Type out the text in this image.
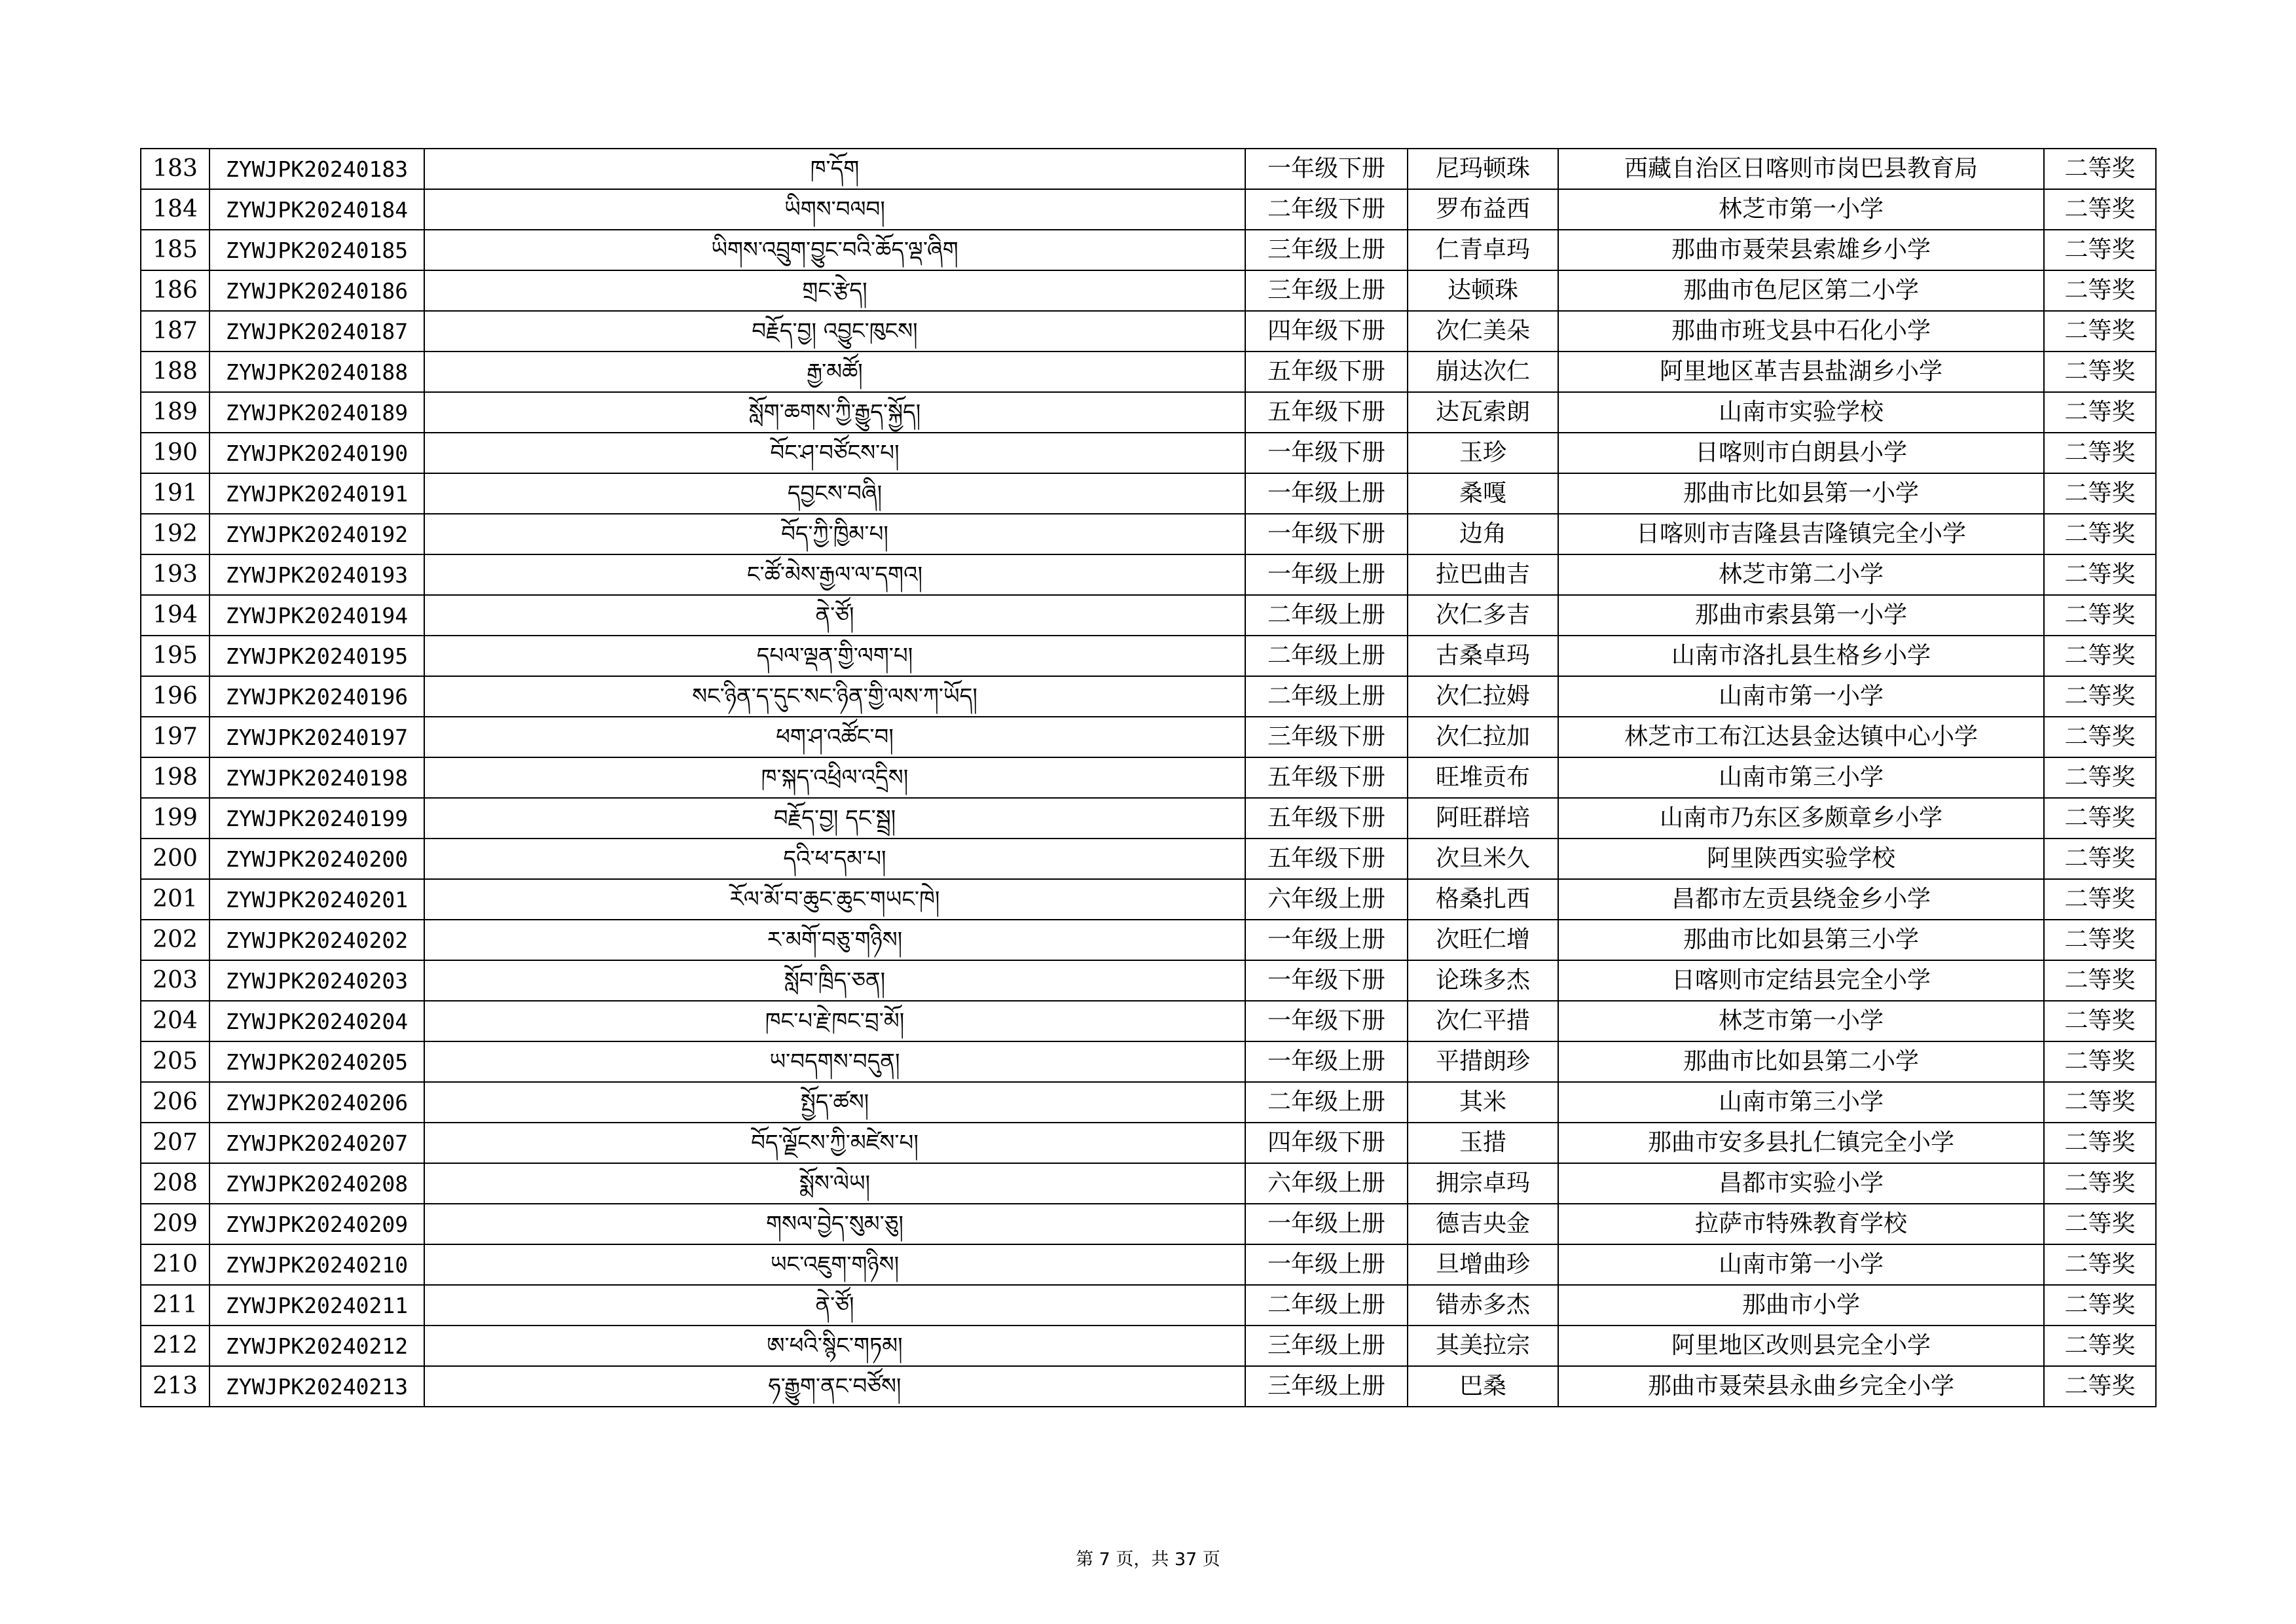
183	ZYWJPK20240183	ཁ་དོག	一年级下册	尼玛顿珠	西藏自治区日喀则市岗巴县教育局	二等奖
184	ZYWJPK20240184	ཡིགས་བལབ།	二年级下册	罗布益西	林芝市第一小学	二等奖
185	ZYWJPK20240185	ཡིགས་འབྲུག་བྱུང་བའི་ཆོད་ལྡ་ཞིག	三年级上册	仁青卓玛	那曲市聂荣县索雄乡小学	二等奖
186	ZYWJPK20240186	གྲང་རྩེད།	三年级上册	达顿珠	那曲市色尼区第二小学	二等奖
187	ZYWJPK20240187	བརྗོད་བྱ། འབྱུང་ཁུངས།	四年级下册	次仁美朵	那曲市班戈县中石化小学	二等奖
188	ZYWJPK20240188	རྒྱ་མཚོ།	五年级下册	崩达次仁	阿里地区革吉县盐湖乡小学	二等奖
189	ZYWJPK20240189	སློག་ཆགས་ཀྱི་རྒྱུད་སྐྱོད།	五年级下册	达瓦索朗	山南市实验学校	二等奖
190	ZYWJPK20240190	བོང་ཤ་བཙོངས་པ།	一年级下册	玉珍	日喀则市白朗县小学	二等奖
191	ZYWJPK20240191	དབྱངས་བཞི།	一年级上册	桑嘎	那曲市比如县第一小学	二等奖
192	ZYWJPK20240192	བོད་ཀྱི་ཁྱིམ་པ།	一年级下册	边角	日喀则市吉隆县吉隆镇完全小学	二等奖
193	ZYWJPK20240193	ང་ཚོ་མེས་རྒྱལ་ལ་དགའ།	一年级上册	拉巴曲吉	林芝市第二小学	二等奖
194	ZYWJPK20240194	ནེ་ཙོ།	二年级上册	次仁多吉	那曲市索县第一小学	二等奖
195	ZYWJPK20240195	དཔལ་ལྡན་གྱི་ལག་པ།	二年级上册	古桑卓玛	山南市洛扎县生格乡小学	二等奖
196	ZYWJPK20240196	སང་ཉིན་ད་དུང་སང་ཉིན་གྱི་ལས་ཀ་ཡོད།	二年级上册	次仁拉姆	山南市第一小学	二等奖
197	ZYWJPK20240197	ཕག་ཤ་འཚོང་བ།	三年级下册	次仁拉加	林芝市工布江达县金达镇中心小学	二等奖
198	ZYWJPK20240198	ཁ་སྐད་འཕྲིལ་འདྲིས།	五年级下册	旺堆贡布	山南市第三小学	二等奖
199	ZYWJPK20240199	བརྗོད་བྱ། དང་སྦྲ།	五年级下册	阿旺群培	山南市乃东区多颇章乡小学	二等奖
200	ZYWJPK20240200	དའི་ཕ་དམ་པ།	五年级下册	次旦米久	阿里陕西实验学校	二等奖
201	ZYWJPK20240201	རོལ་མོ་བ་ཆུང་ཆུང་གཡང་ཁེ།	六年级上册	格桑扎西	昌都市左贡县绕金乡小学	二等奖
202	ZYWJPK20240202	ར་མགོ་བཅུ་གཉིས།	一年级上册	次旺仁增	那曲市比如县第三小学	二等奖
203	ZYWJPK20240203	སློབ་ཁྲིད་ཅན།	一年级下册	论珠多杰	日喀则市定结县完全小学	二等奖
204	ZYWJPK20240204	ཁང་པ་རྗེ་ཁང་བྲ་མོ།	一年级下册	次仁平措	林芝市第一小学	二等奖
205	ZYWJPK20240205	ཡ་བདགས་བདུན།	一年级上册	平措朗珍	那曲市比如县第二小学	二等奖
206	ZYWJPK20240206	སྤྱོད་ཚས།	二年级上册	其米	山南市第三小学	二等奖
207	ZYWJPK20240207	བོད་ལྗོངས་ཀྱི་མཛེས་པ།	四年级下册	玉措	那曲市安多县扎仁镇完全小学	二等奖
208	ZYWJPK20240208	སྨོས་ལེཡ།	六年级上册	拥宗卓玛	昌都市实验小学	二等奖
209	ZYWJPK20240209	གསལ་བྱེད་སུམ་ཅུ།	一年级上册	德吉央金	拉萨市特殊教育学校	二等奖
210	ZYWJPK20240210	ཡང་འཇུག་གཉིས།	一年级上册	旦增曲珍	山南市第一小学	二等奖
211	ZYWJPK20240211	ནེ་ཙོ།	二年级上册	错赤多杰	那曲市小学	二等奖
212	ZYWJPK20240212	ཨ་ཕའི་སྙིང་གཏམ།	三年级上册	其美拉宗	阿里地区改则县完全小学	二等奖
213	ZYWJPK20240213	ཧ་རྒྱུག་ནང་བཙོས།	三年级上册	巴桑	那曲市聂荣县永曲乡完全小学	二等奖
第 7 页，共 37 页
